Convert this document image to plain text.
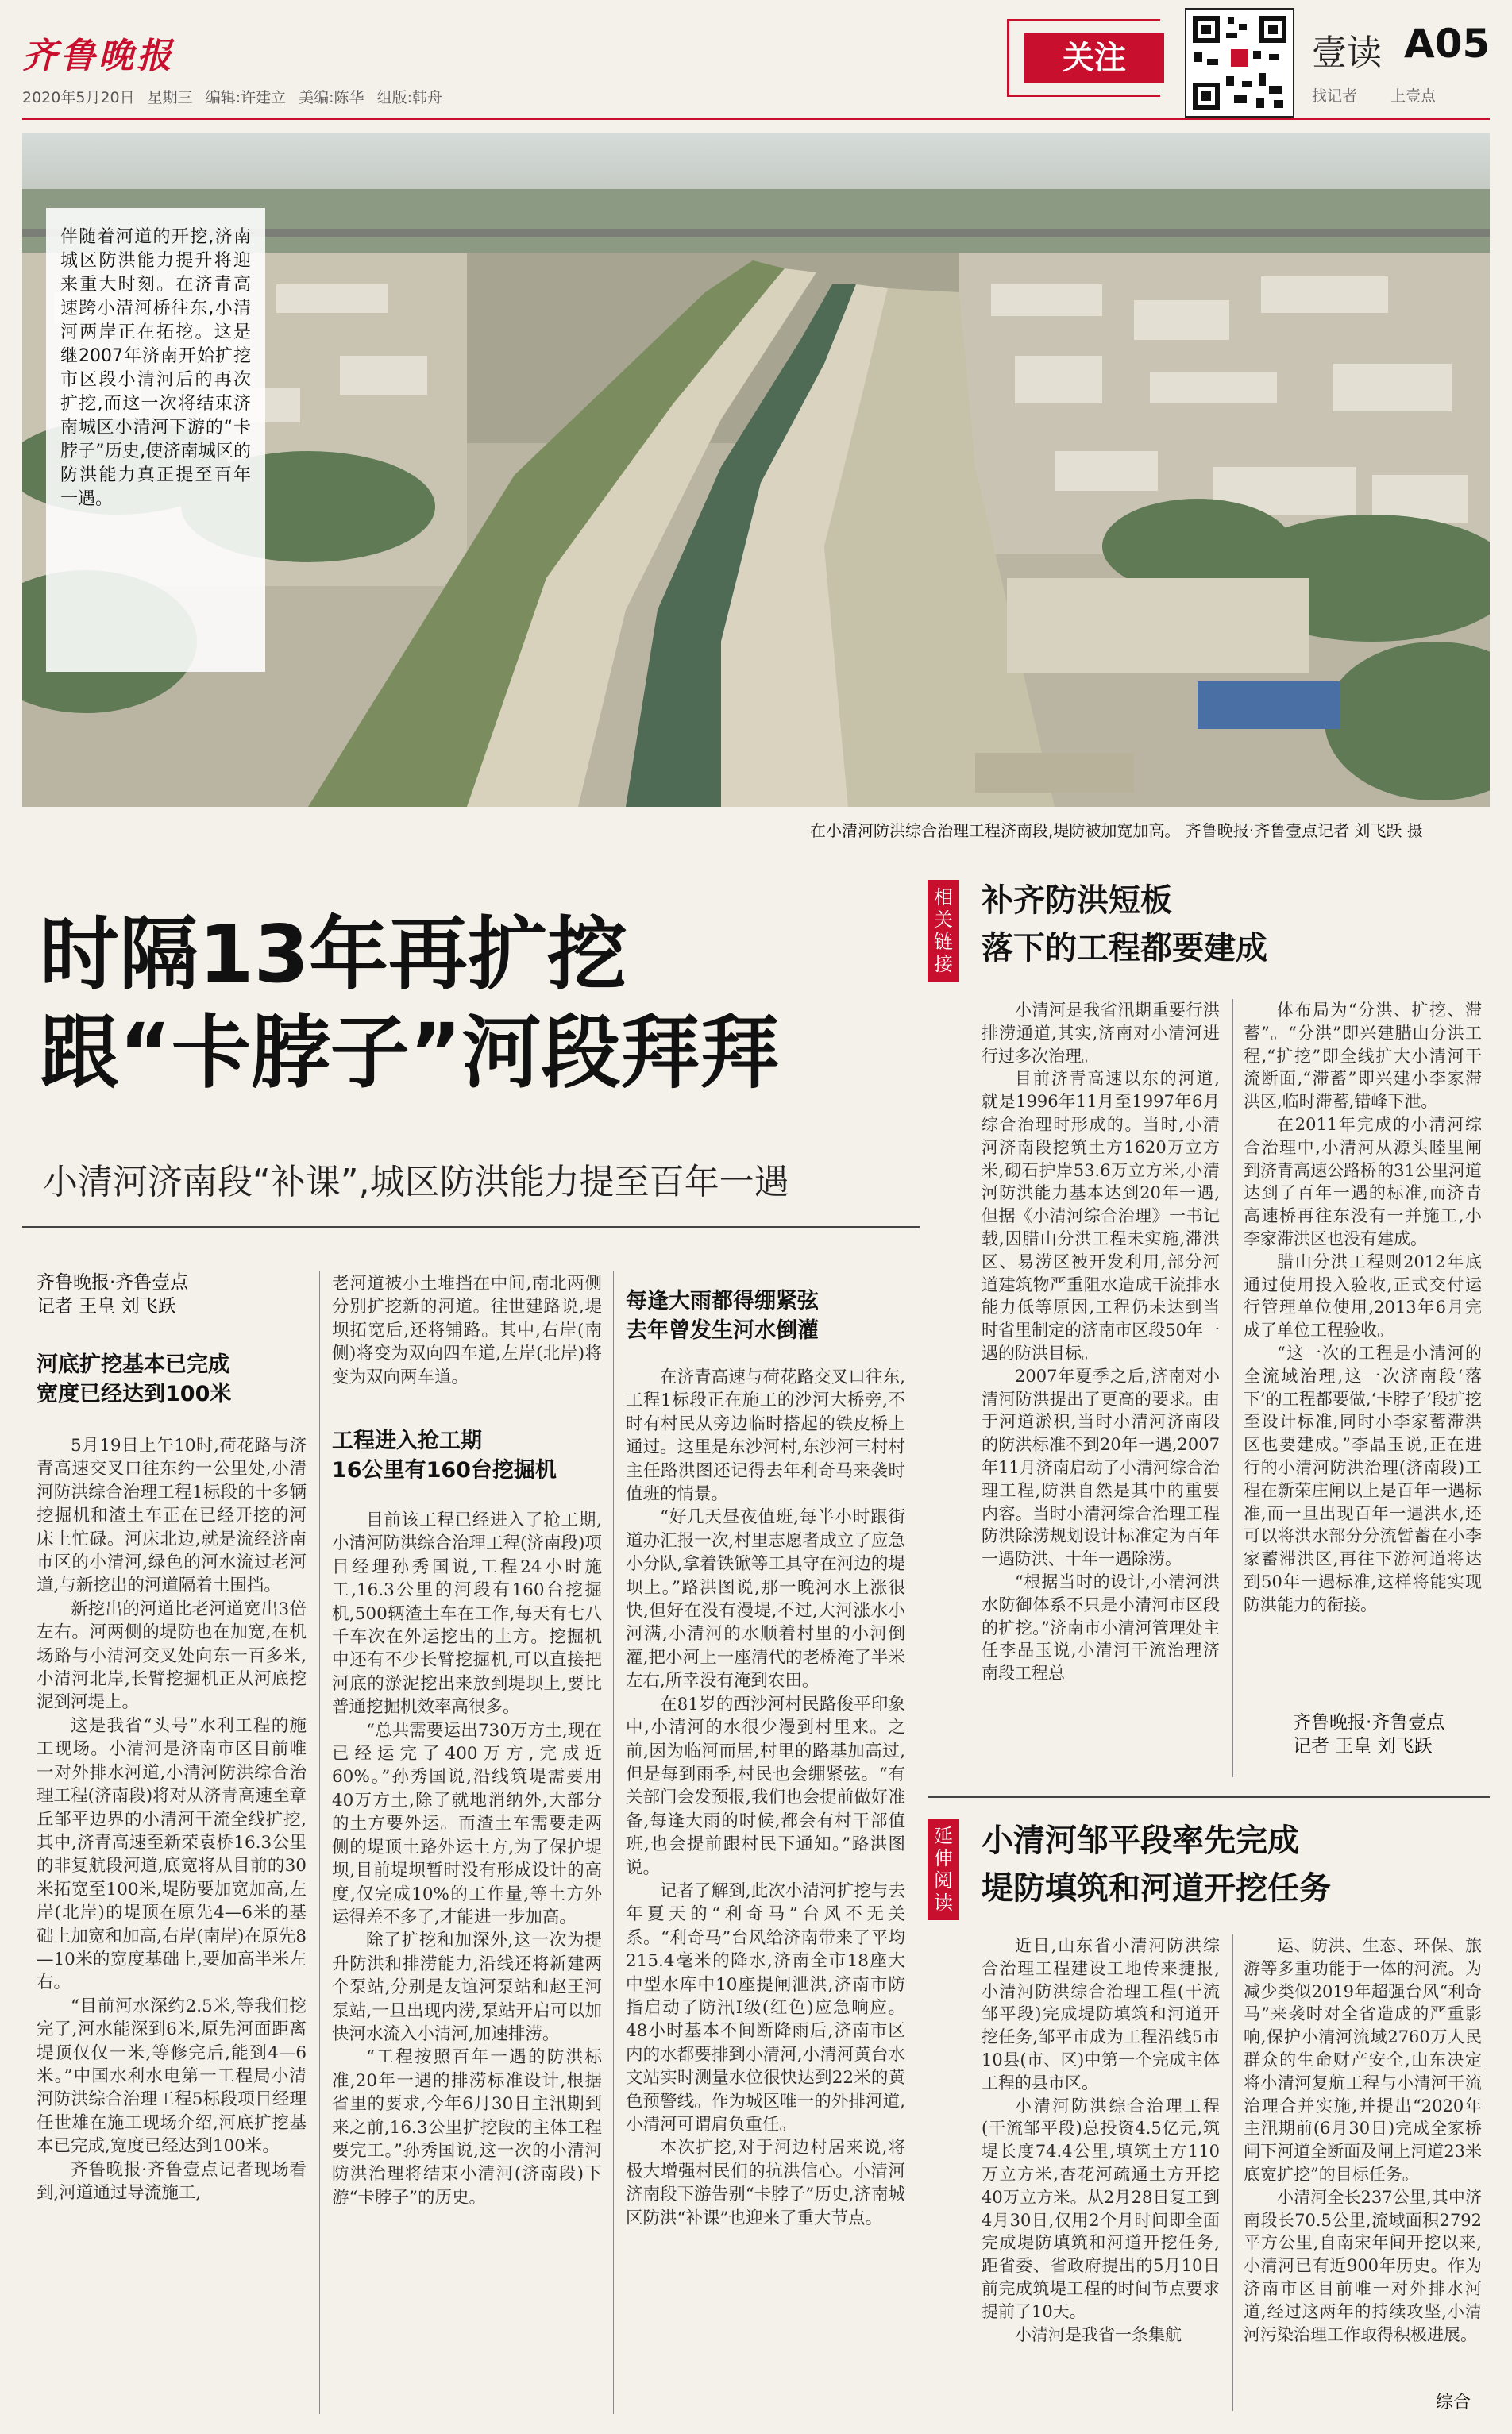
齐鲁晚报
2020年5月20日 星期三 编辑:许建立 美编:陈华 组版:韩舟
关注	壹读 A05
找记者 上壹点
伴随着河道的开挖,济南城区防洪能力提升将迎来重大时刻。在济青高速跨小清河桥往东,小清河两岸正在拓挖。这是继2007年济南开始扩挖市区段小清河后的再次扩挖,而这一次将结束济南城区小清河下游的“卡脖子”历史,使济南城区的防洪能力真正提至百年一遇。
在小清河防洪综合治理工程济南段,堤防被加宽加高。 齐鲁晚报·齐鲁壹点记者 刘飞跃 摄
时隔13年再扩挖
跟“卡脖子”河段拜拜
小清河济南段“补课”,城区防洪能力提至百年一遇
齐鲁晚报·齐鲁壹点
记者 王皇 刘飞跃
河底扩挖基本已完成
宽度已经达到100米

5月19日上午10时,荷花路与济青高速交叉口往东约一公里处,小清河防洪综合治理工程1标段的十多辆挖掘机和渣土车正在已经开挖的河床上忙碌。河床北边,就是流经济南市区的小清河,绿色的河水流过老河道,与新挖出的河道隔着土围挡。

新挖出的河道比老河道宽出3倍左右。河两侧的堤防也在加宽,在机场路与小清河交叉处向东一百多米,小清河北岸,长臂挖掘机正从河底挖泥到河堤上。

这是我省“头号”水利工程的施工现场。小清河是济南市区目前唯一对外排水河道,小清河防洪综合治理工程(济南段)将对从济青高速至章丘邹平边界的小清河干流全线扩挖,其中,济青高速至新荣袁桥16.3公里的非复航段河道,底宽将从目前的30米拓宽至100米,堤防要加宽加高,左岸(北岸)的堤顶在原先4—6米的基础上加宽和加高,右岸(南岸)在原先8—10米的宽度基础上,要加高半米左右。

“目前河水深约2.5米,等我们挖完了,河水能深到6米,原先河面距离堤顶仅仅一米,等修完后,能到4—6米。”中国水利水电第一工程局小清河防洪综合治理工程5标段项目经理任世雄在施工现场介绍,河底扩挖基本已完成,宽度已经达到100米。

齐鲁晚报·齐鲁壹点记者现场看到,河道通过导流施工,

老河道被小土堆挡在中间,南北两侧分别扩挖新的河道。往世建路说,堤坝拓宽后,还将铺路。其中,右岸(南侧)将变为双向四车道,左岸(北岸)将变为双向两车道。

工程进入抢工期
16公里有160台挖掘机

目前该工程已经进入了抢工期,小清河防洪综合治理工程(济南段)项目经理孙秀国说,工程24小时施工,16.3公里的河段有160台挖掘机,500辆渣土车在工作,每天有七八千车次在外运挖出的土方。挖掘机中还有不少长臂挖掘机,可以直接把河底的淤泥挖出来放到堤坝上,要比普通挖掘机效率高很多。

“总共需要运出730万方土,现在已经运完了400万方,完成近60%。”孙秀国说,沿线筑堤需要用40万方土,除了就地消纳外,大部分的土方要外运。而渣土车需要走两侧的堤顶土路外运土方,为了保护堤坝,目前堤坝暂时没有形成设计的高度,仅完成10%的工作量,等土方外运得差不多了,才能进一步加高。

除了扩挖和加深外,这一次为提升防洪和排涝能力,沿线还将新建两个泵站,分别是友谊河泵站和赵王河泵站,一旦出现内涝,泵站开启可以加快河水流入小清河,加速排涝。

“工程按照百年一遇的防洪标准,20年一遇的排涝标准设计,根据省里的要求,今年6月30日主汛期到来之前,16.3公里扩挖段的主体工程要完工。”孙秀国说,这一次的小清河防洪治理将结束小清河(济南段)下游“卡脖子”的历史。

每逢大雨都得绷紧弦
去年曾发生河水倒灌

在济青高速与荷花路交叉口往东,工程1标段正在施工的沙河大桥旁,不时有村民从旁边临时搭起的铁皮桥上通过。这里是东沙河村,东沙河三村村主任路洪图还记得去年利奇马来袭时值班的情景。

“好几天昼夜值班,每半小时跟街道办汇报一次,村里志愿者成立了应急小分队,拿着铁锨等工具守在河边的堤坝上。”路洪图说,那一晚河水上涨很快,但好在没有漫堤,不过,大河涨水小河满,小清河的水顺着村里的小河倒灌,把小河上一座清代的老桥淹了半米左右,所幸没有淹到农田。

在81岁的西沙河村民路俊平印象中,小清河的水很少漫到村里来。之前,因为临河而居,村里的路基加高过,但是每到雨季,村民也会绷紧弦。“有关部门会发预报,我们也会提前做好准备,每逢大雨的时候,都会有村干部值班,也会提前跟村民下通知。”路洪图说。

记者了解到,此次小清河扩挖与去年夏天的“利奇马”台风不无关系。“利奇马”台风给济南带来了平均215.4毫米的降水,济南全市18座大中型水库中10座提闸泄洪,济南市防指启动了防汛I级(红色)应急响应。48小时基本不间断降雨后,济南市区内的水都要排到小清河,小清河黄台水文站实时测量水位很快达到22米的黄色预警线。作为城区唯一的外排河道,小清河可谓肩负重任。

本次扩挖,对于河边村居来说,将极大增强村民们的抗洪信心。小清河济南段下游告别“卡脖子”历史,济南城区防洪“补课”也迎来了重大节点。

相关链接
补齐防洪短板
落下的工程都要建成

小清河是我省汛期重要行洪排涝通道,其实,济南对小清河进行过多次治理。

目前济青高速以东的河道,就是1996年11月至1997年6月综合治理时形成的。当时,小清河济南段挖筑土方1620万立方米,砌石护岸53.6万立方米,小清河防洪能力基本达到20年一遇,但据《小清河综合治理》一书记载,因腊山分洪工程未实施,滞洪区、易涝区被开发利用,部分河道建筑物严重阻水造成干流排水能力低等原因,工程仍未达到当时省里制定的济南市区段50年一遇的防洪目标。

2007年夏季之后,济南对小清河防洪提出了更高的要求。由于河道淤积,当时小清河济南段的防洪标准不到20年一遇,2007年11月济南启动了小清河综合治理工程,防洪自然是其中的重要内容。当时小清河综合治理工程防洪除涝规划设计标准定为百年一遇防洪、十年一遇除涝。

“根据当时的设计,小清河洪水防御体系不只是小清河市区段的扩挖。”济南市小清河管理处主任李晶玉说,小清河干流治理济南段工程总

体布局为“分洪、扩挖、滞蓄”。“分洪”即兴建腊山分洪工程,“扩挖”即全线扩大小清河干流断面,“滞蓄”即兴建小李家滞洪区,临时滞蓄,错峰下泄。

在2011年完成的小清河综合治理中,小清河从源头睦里闸到济青高速公路桥的31公里河道达到了百年一遇的标准,而济青高速桥再往东没有一并施工,小李家滞洪区也没有建成。

腊山分洪工程则2012年底通过使用投入验收,正式交付运行管理单位使用,2013年6月完成了单位工程验收。

“这一次的工程是小清河的全流域治理,这一次济南段‘落下’的工程都要做,‘卡脖子’段扩挖至设计标准,同时小李家蓄滞洪区也要建成。”李晶玉说,正在进行的小清河防洪治理(济南段)工程在新荣庄闸以上是百年一遇标准,而一旦出现百年一遇洪水,还可以将洪水部分分流暂蓄在小李家蓄滞洪区,再往下游河道将达到50年一遇标准,这样将能实现防洪能力的衔接。

齐鲁晚报·齐鲁壹点
记者 王皇 刘飞跃
延伸阅读
小清河邹平段率先完成
堤防填筑和河道开挖任务

近日,山东省小清河防洪综合治理工程建设工地传来捷报,小清河防洪综合治理工程(干流邹平段)完成堤防填筑和河道开挖任务,邹平市成为工程沿线5市10县(市、区)中第一个完成主体工程的县市区。

小清河防洪综合治理工程(干流邹平段)总投资4.5亿元,筑堤长度74.4公里,填筑土方110万立方米,杏花河疏通土方开挖40万立方米。从2月28日复工到4月30日,仅用2个月时间即全面完成堤防填筑和河道开挖任务,距省委、省政府提出的5月10日前完成筑堤工程的时间节点要求提前了10天。

小清河是我省一条集航

运、防洪、生态、环保、旅游等多重功能于一体的河流。为减少类似2019年超强台风“利奇马”来袭时对全省造成的严重影响,保护小清河流域2760万人民群众的生命财产安全,山东决定将小清河复航工程与小清河干流治理合并实施,并提出“2020年主汛期前(6月30日)完成全家桥闸下河道全断面及闸上河道23米底宽扩挖”的目标任务。

小清河全长237公里,其中济南段长70.5公里,流域面积2792平方公里,自南宋年间开挖以来,小清河已有近900年历史。作为济南市区目前唯一对外排水河道,经过这两年的持续攻坚,小清河污染治理工作取得积极进展。

综合
